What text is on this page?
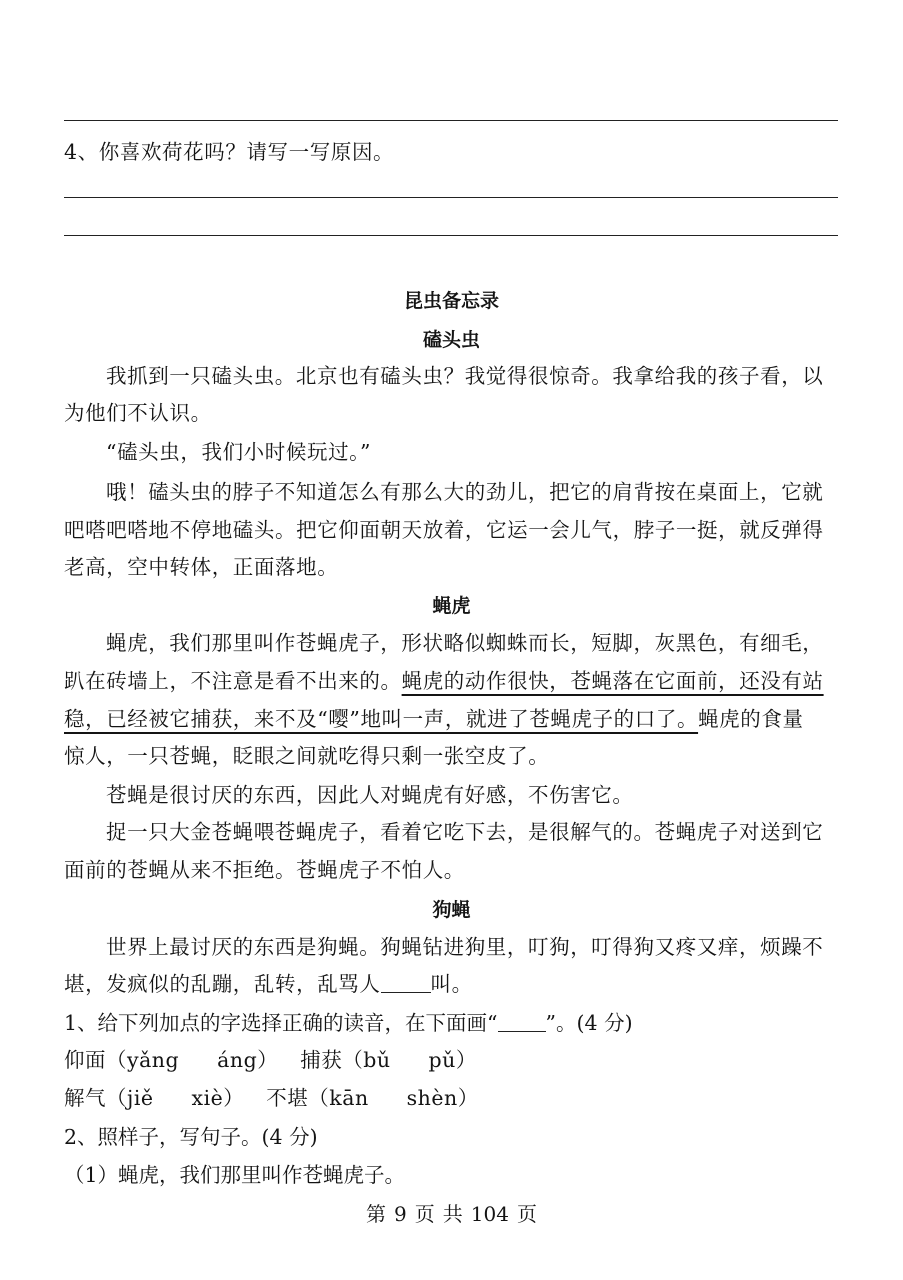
4、你喜欢荷花吗？请写一写原因。
昆虫备忘录
磕头虫
我抓到一只磕头虫。北京也有磕头虫？我觉得很惊奇。我拿给我的孩子看，以
为他们不认识。
“磕头虫，我们小时候玩过。”
哦！磕头虫的脖子不知道怎么有那么大的劲儿，把它的肩背按在桌面上，它就
吧嗒吧嗒地不停地磕头。把它仰面朝天放着，它运一会儿气，脖子一挺，就反弹得
老高，空中转体，正面落地。
蝇虎
蝇虎，我们那里叫作苍蝇虎子，形状略似蜘蛛而长，短脚，灰黑色，有细毛，
趴在砖墙上，不注意是看不出来的。蝇虎的动作很快，苍蝇落在它面前，还没有站
稳，已经被它捕获，来不及“嘤”地叫一声，就进了苍蝇虎子的口了。蝇虎的食量
惊人，一只苍蝇，眨眼之间就吃得只剩一张空皮了。
苍蝇是很讨厌的东西，因此人对蝇虎有好感，不伤害它。
捉一只大金苍蝇喂苍蝇虎子，看着它吃下去，是很解气的。苍蝇虎子对送到它
面前的苍蝇从来不拒绝。苍蝇虎子不怕人。
狗蝇
世界上最讨厌的东西是狗蝇。狗蝇钻进狗里，叮狗，叮得狗又疼又痒，烦躁不
堪，发疯似的乱蹦，乱转，乱骂人 叫。
1、给下列加点的字选择正确的读音，在下面画“ ”。(4 分)
仰面（yǎng áng） 捕获（bǔ pǔ）
解气（jiě xiè） 不堪（kān shèn）
2、照样子，写句子。(4 分)
（1）蝇虎，我们那里叫作苍蝇虎子。
第 9 页 共 104 页
